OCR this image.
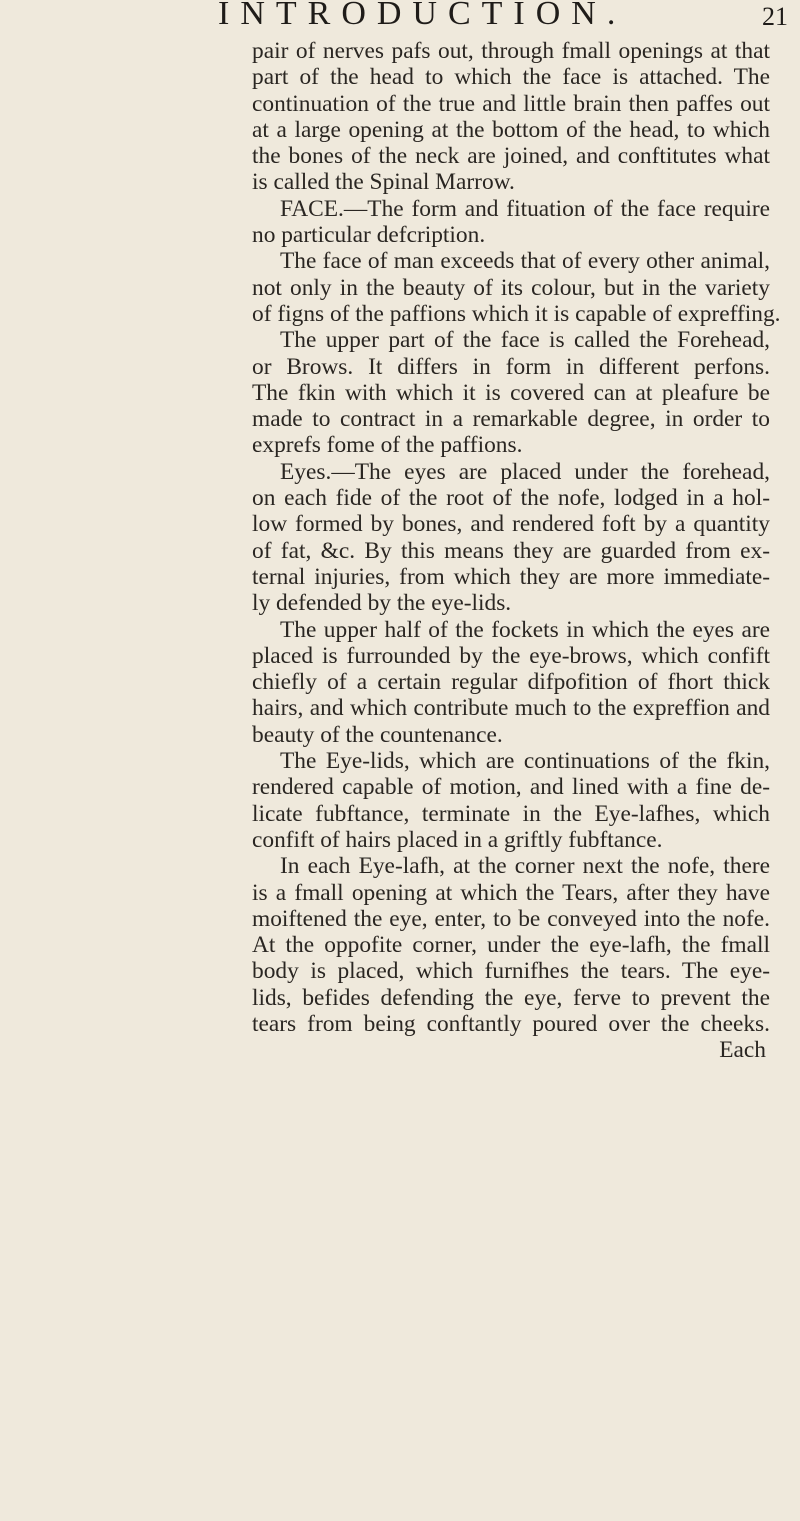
INTRODUCTION.	21
pair of nerves pafs out, through fmall openings at that
part of the head to which the face is attached. The
continuation of the true and little brain then paffes out
at a large opening at the bottom of the head, to which
the bones of the neck are joined, and conftitutes what
is called the Spinal Marrow.
FACE.—The form and fituation of the face require
no particular defcription.
The face of man exceeds that of every other animal,
not only in the beauty of its colour, but in the variety
of figns of the paffions which it is capable of expreffing.
The upper part of the face is called the Forehead,
or Brows. It differs in form in different perfons.
The fkin with which it is covered can at pleafure be
made to contract in a remarkable degree, in order to
exprefs fome of the paffions.
Eyes.—The eyes are placed under the forehead,
on each fide of the root of the nofe, lodged in a hol-
low formed by bones, and rendered foft by a quantity
of fat, &c. By this means they are guarded from ex-
ternal injuries, from which they are more immediate-
ly defended by the eye-lids.
The upper half of the fockets in which the eyes are
placed is furrounded by the eye-brows, which confift
chiefly of a certain regular difpofition of fhort thick
hairs, and which contribute much to the expreffion and
beauty of the countenance.
The Eye-lids, which are continuations of the fkin,
rendered capable of motion, and lined with a fine de-
licate fubftance, terminate in the Eye-lafhes, which
confift of hairs placed in a griftly fubftance.
In each Eye-lafh, at the corner next the nofe, there
is a fmall opening at which the Tears, after they have
moiftened the eye, enter, to be conveyed into the nofe.
At the oppofite corner, under the eye-lafh, the fmall
body is placed, which furnifhes the tears. The eye-
lids, befides defending the eye, ferve to prevent the
tears from being conftantly poured over the cheeks.
Each
